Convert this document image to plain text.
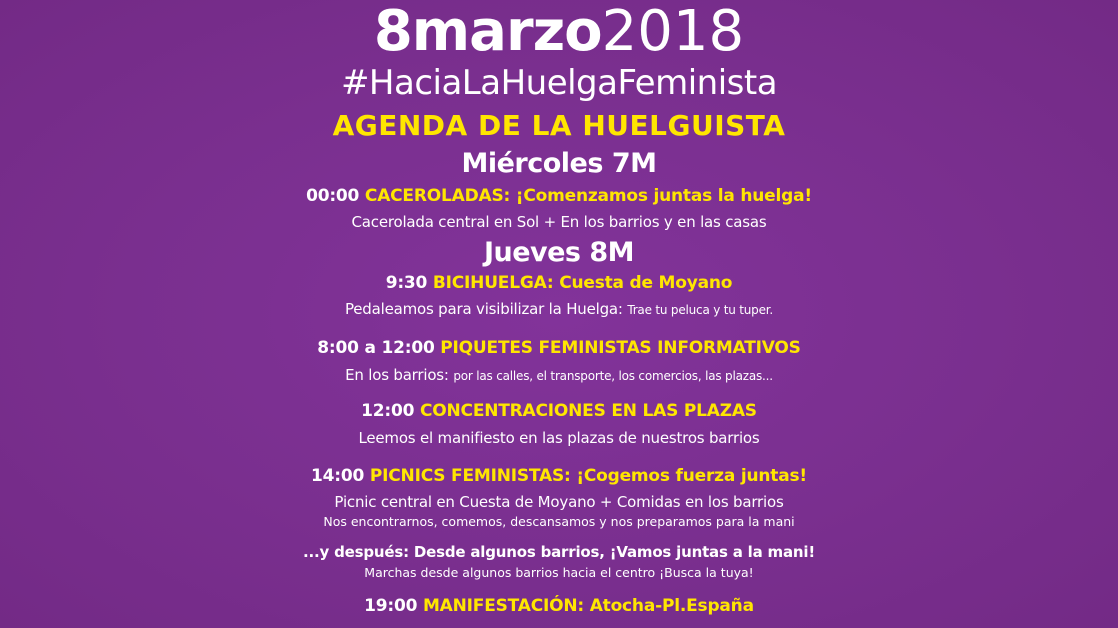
8marzo2018
#HaciaLaHuelgaFeminista
AGENDA DE LA HUELGUISTA
Miércoles 7M
00:00 CACEROLADAS: ¡Comenzamos juntas la huelga!
Cacerolada central en Sol + En los barrios y en las casas
Jueves 8M
9:30 BICIHUELGA: Cuesta de Moyano
Pedaleamos para visibilizar la Huelga: Trae tu peluca y tu tuper.
8:00 a 12:00 PIQUETES FEMINISTAS INFORMATIVOS
En los barrios: por las calles, el transporte, los comercios, las plazas...
12:00 CONCENTRACIONES EN LAS PLAZAS
Leemos el manifiesto en las plazas de nuestros barrios
14:00 PICNICS FEMINISTAS: ¡Cogemos fuerza juntas!
Picnic central en Cuesta de Moyano + Comidas en los barrios
Nos encontrarnos, comemos, descansamos y nos preparamos para la mani
...y después: Desde algunos barrios, ¡Vamos juntas a la mani!
Marchas desde algunos barrios hacia el centro ¡Busca la tuya!
19:00 MANIFESTACIÓN: Atocha-Pl.España
